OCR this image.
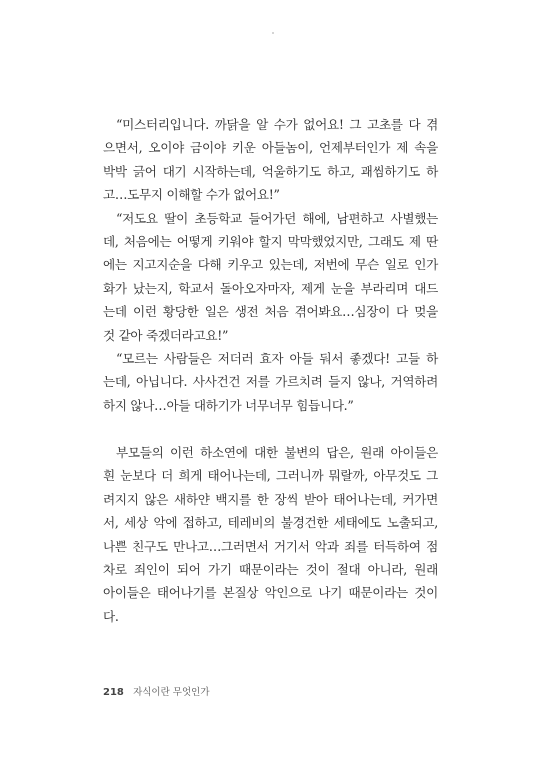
“미스터리입니다. 까닭을 알 수가 없어요! 그 고초를 다 겪
으면서, 오이야 금이야 키운 아들놈이, 언제부터인가 제 속을
박박 긁어 대기 시작하는데, 억울하기도 하고, 괘씸하기도 하
고…도무지 이해할 수가 없어요!”
“저도요 딸이 초등학교 들어가던 해에, 남편하고 사별했는
데, 처음에는 어떻게 키워야 할지 막막했었지만, 그래도 제 딴
에는 지고지순을 다해 키우고 있는데, 저번에 무슨 일로 인가
화가 났는지, 학교서 돌아오자마자, 제게 눈을 부라리며 대드
는데 이런 황당한 일은 생전 처음 겪어봐요…심장이 다 멎을
것 같아 죽겠더라고요!”
“모르는 사람들은 저더러 효자 아들 둬서 좋겠다! 고들 하
는데, 아닙니다. 사사건건 저를 가르치려 들지 않나, 거역하려
하지 않나…아들 대하기가 너무너무 힘듭니다.”
부모들의 이런 하소연에 대한 불변의 답은, 원래 아이들은
흰 눈보다 더 희게 태어나는데, 그러니까 뭐랄까, 아무것도 그
려지지 않은 새하얀 백지를 한 장씩 받아 태어나는데, 커가면
서, 세상 악에 접하고, 테레비의 불경건한 세태에도 노출되고,
나쁜 친구도 만나고…그러면서 거기서 악과 죄를 터득하여 점
차로 죄인이 되어 가기 때문이라는 것이 절대 아니라, 원래
아이들은 태어나기를 본질상 악인으로 나기 때문이라는 것이
다.
218 자식이란 무엇인가
